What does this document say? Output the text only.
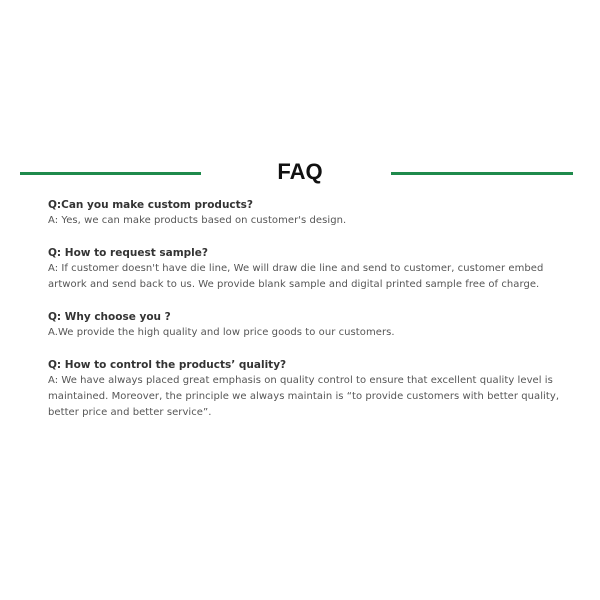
FAQ

Q:Can you make custom products?

A: Yes, we can make products based on customer's design.

Q: How to request sample?

A: If customer doesn't have die line, We will draw die line and send to customer, customer embed artwork and send back to us. We provide blank sample and digital printed sample free of charge.

Q: Why choose you ?

A.We provide the high quality and low price goods to our customers.

Q: How to control the products’ quality?

A: We have always placed great emphasis on quality control to ensure that excellent quality level is maintained. Moreover, the principle we always maintain is “to provide customers with better quality, better price and better service”.
